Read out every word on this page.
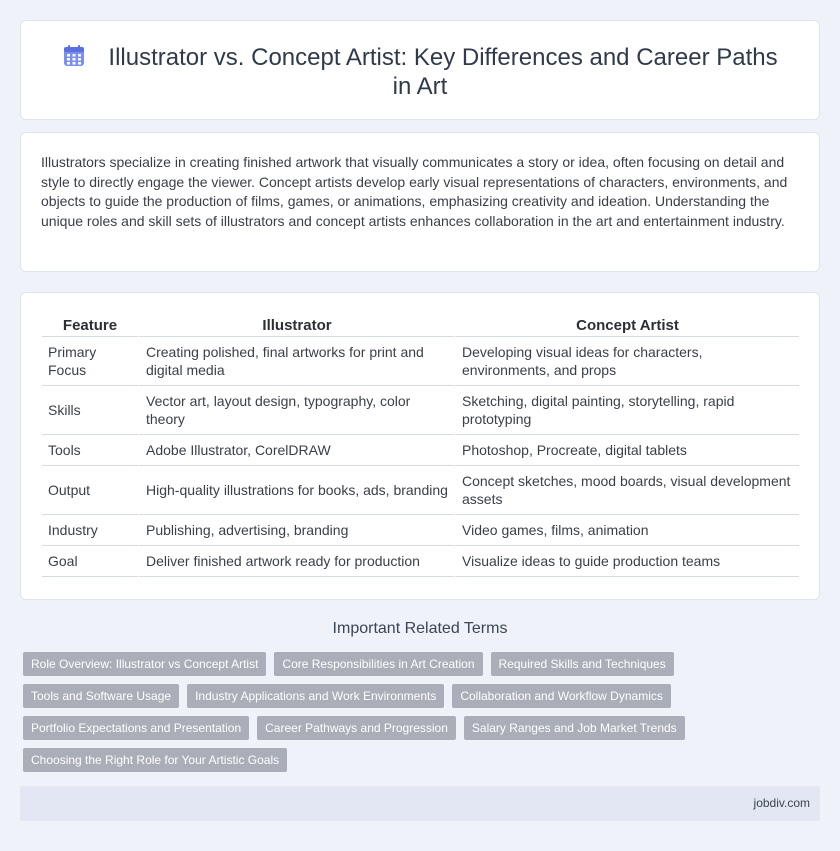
Illustrator vs. Concept Artist: Key Differences and Career Paths in Art

Illustrators specialize in creating finished artwork that visually communicates a story or idea, often focusing on detail and style to directly engage the viewer. Concept artists develop early visual representations of characters, environments, and objects to guide the production of films, games, or animations, emphasizing creativity and ideation. Understanding the unique roles and skill sets of illustrators and concept artists enhances collaboration in the art and entertainment industry.

Feature	Illustrator	Concept Artist
Primary Focus	Creating polished, final artworks for print and digital media	Developing visual ideas for characters, environments, and props
Skills	Vector art, layout design, typography, color theory	Sketching, digital painting, storytelling, rapid prototyping
Tools	Adobe Illustrator, CorelDRAW	Photoshop, Procreate, digital tablets
Output	High-quality illustrations for books, ads, branding	Concept sketches, mood boards, visual development assets
Industry	Publishing, advertising, branding	Video games, films, animation
Goal	Deliver finished artwork ready for production	Visualize ideas to guide production teams
Important Related Terms
Role Overview: Illustrator vs Concept Artist	Core Responsibilities in Art Creation	Required Skills and Techniques
Tools and Software Usage	Industry Applications and Work Environments	Collaboration and Workflow Dynamics
Portfolio Expectations and Presentation	Career Pathways and Progression	Salary Ranges and Job Market Trends
Choosing the Right Role for Your Artistic Goals
jobdiv.com
